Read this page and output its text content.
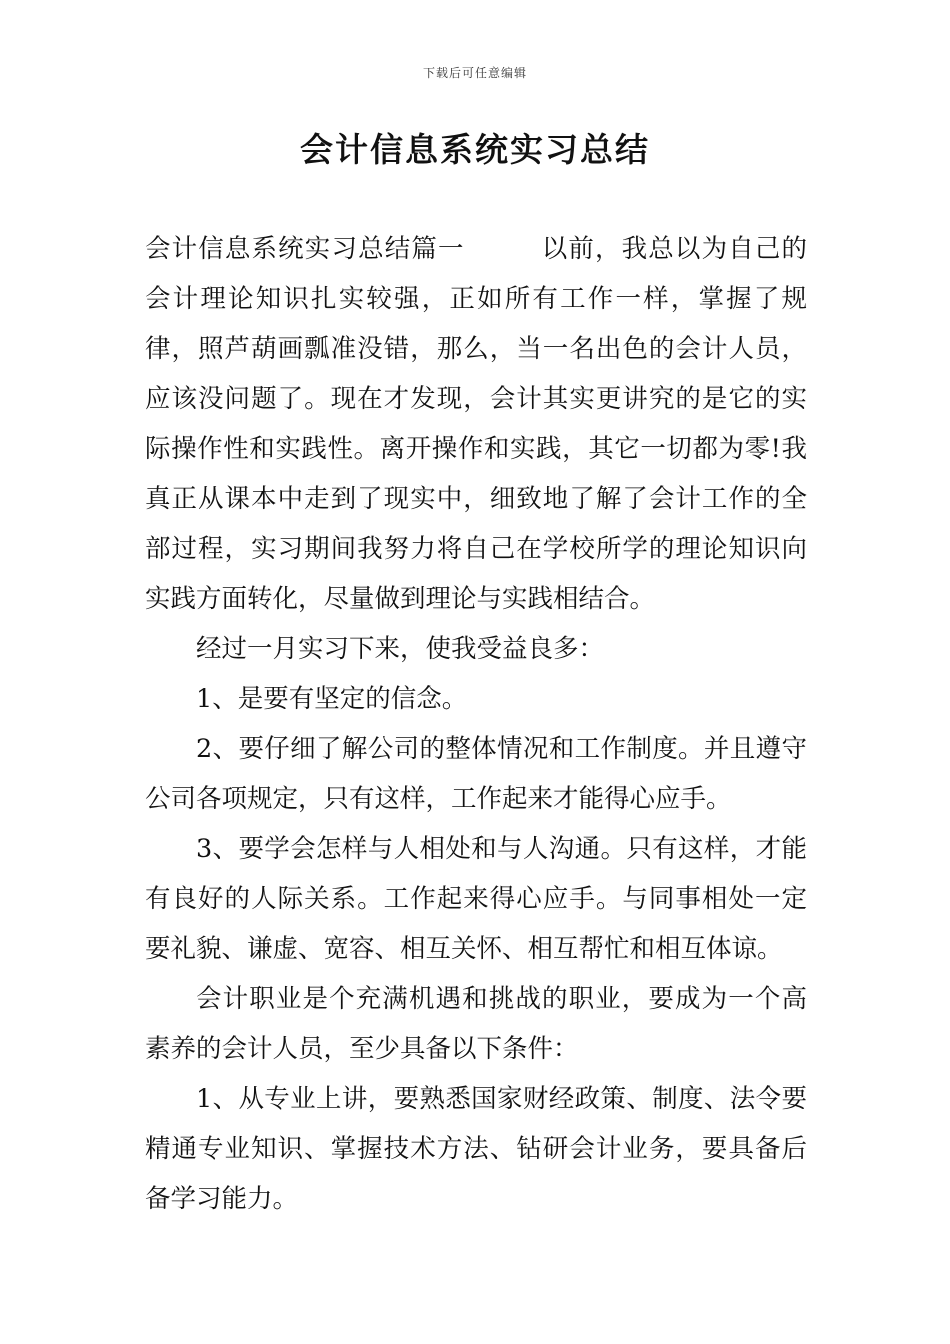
下载后可任意编辑
会计信息系统实习总结

会计信息系统实习总结篇一	以前，我总以为自己的会计理论知识扎实较强，正如所有工作一样，掌握了规律，照芦葫画瓢准没错，那么，当一名出色的会计人员，应该没问题了。现在才发现，会计其实更讲究的是它的实际操作性和实践性。离开操作和实践，其它一切都为零!我真正从课本中走到了现实中，细致地了解了会计工作的全部过程，实习期间我努力将自己在学校所学的理论知识向实践方面转化，尽量做到理论与实践相结合。

经过一月实习下来，使我受益良多：

1、是要有坚定的信念。

2、要仔细了解公司的整体情况和工作制度。并且遵守公司各项规定，只有这样，工作起来才能得心应手。

3、要学会怎样与人相处和与人沟通。只有这样，才能有良好的人际关系。工作起来得心应手。与同事相处一定要礼貌、谦虚、宽容、相互关怀、相互帮忙和相互体谅。

会计职业是个充满机遇和挑战的职业，要成为一个高素养的会计人员，至少具备以下条件：

1、从专业上讲，要熟悉国家财经政策、制度、法令要精通专业知识、掌握技术方法、钻研会计业务，要具备后备学习能力。
